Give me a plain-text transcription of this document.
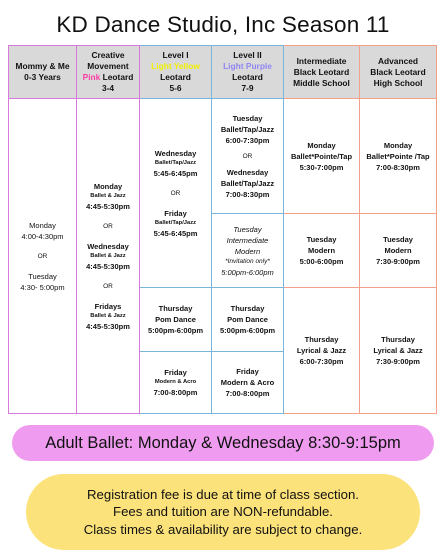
KD Dance Studio, Inc Season 11
Mommy & Me
0-3 Years
Monday
4:00-4:30pm
OR
Tuesday
4:30- 5:00pm
Creative
Movement
Pink Leotard
3-4
Monday
Ballet & Jazz
4:45-5:30pm
OR
Wednesday
Ballet & Jazz
4:45-5:30pm
OR
Fridays
Ballet & Jazz
4:45-5:30pm
Level I
Light Yellow
Leotard
5-6
Wednesday
Ballet/Tap/Jazz
5:45-6:45pm
OR
Friday
Ballet/Tap/Jazz
5:45-6:45pm
Thursday
Pom Dance
5:00pm-6:00pm
Friday
Modern & Acro
7:00-8:00pm
Level II
Light Purple
Leotard
7-9
Tuesday
Ballet/Tap/Jazz
6:00-7:30pm
OR
Wednesday
Ballet/Tap/Jazz
7:00-8:30pm
Tuesday
Intermediate
Modern
*Invitation only*
5:00pm-6:00pm
Thursday
Pom Dance
5:00pm-6:00pm
Friday
Modern & Acro
7:00-8:00pm
Intermediate
Black Leotard
Middle School
Monday
Ballet*Pointe/Tap
5:30-7:00pm
Tuesday
Modern
5:00-6:00pm
Thursday
Lyrical & Jazz
6:00-7:30pm
Advanced
Black Leotard
High School
Monday
Ballet*Pointe /Tap
7:00-8:30pm
Tuesday
Modern
7:30-9:00pm
Thursday
Lyrical & Jazz
7:30-9:00pm
Adult Ballet: Monday & Wednesday 8:30-9:15pm
Registration fee is due at time of class section.
Fees and tuition are NON-refundable.
Class times & availability are subject to change.
